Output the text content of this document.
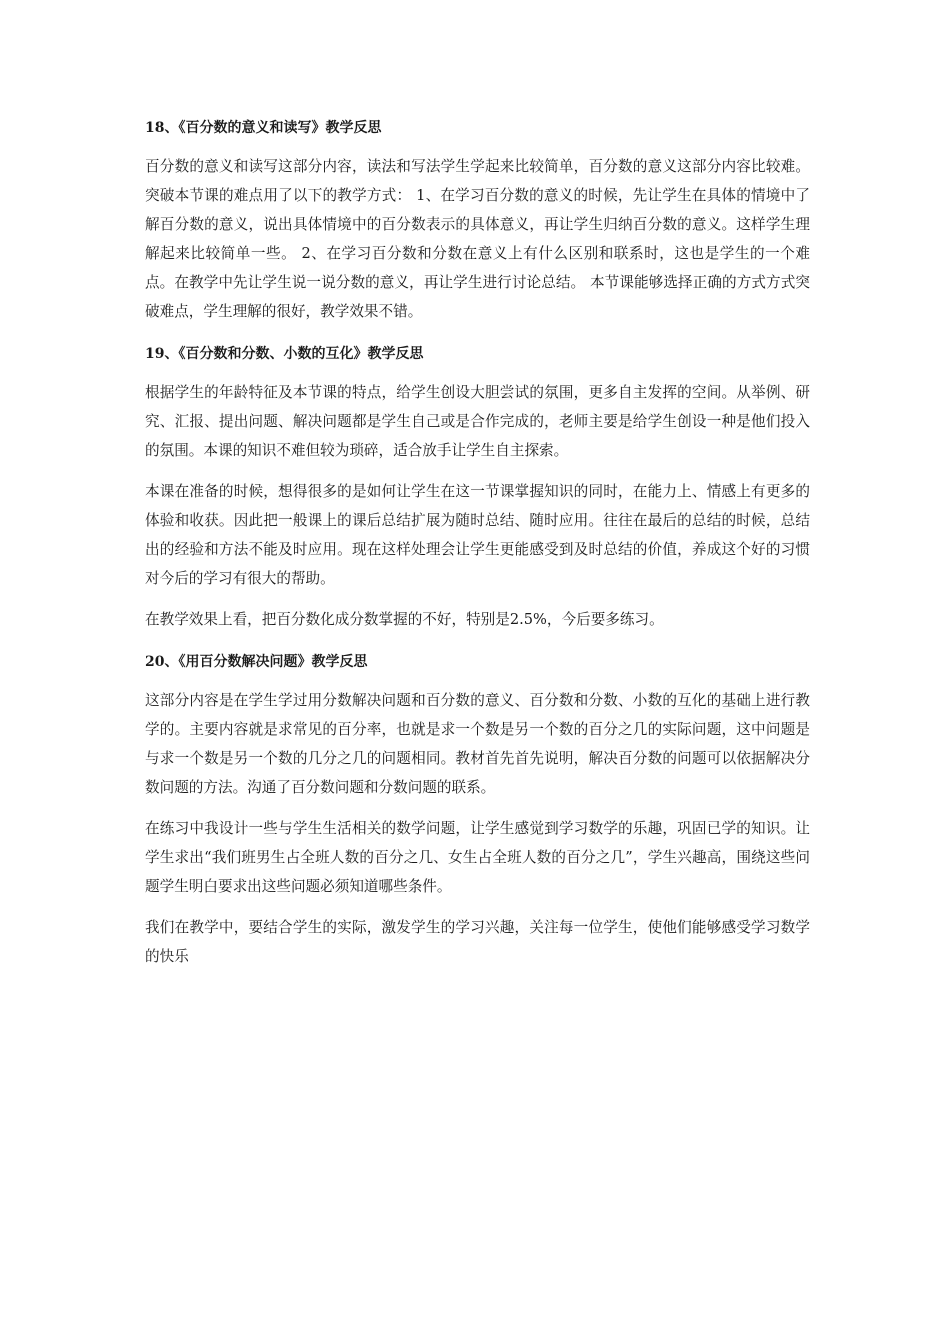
18、《百分数的意义和读写》教学反思

百分数的意义和读写这部分内容，读法和写法学生学起来比较简单，百分数的意义这部分内容比较难。 突破本节课的难点用了以下的教学方式： 1、在学习百分数的意义的时候，先让学生在具体的情境中了解百分数的意义，说出具体情境中的百分数表示的具体意义，再让学生归纳百分数的意义。这样学生理解起来比较简单一些。 2、在学习百分数和分数在意义上有什么区别和联系时，这也是学生的一个难点。在教学中先让学生说一说分数的意义，再让学生进行讨论总结。 本节课能够选择正确的方式方式突破难点，学生理解的很好，教学效果不错。

19、《百分数和分数、小数的互化》教学反思

根据学生的年龄特征及本节课的特点，给学生创设大胆尝试的氛围，更多自主发挥的空间。从举例、研究、汇报、提出问题、解决问题都是学生自己或是合作完成的，老师主要是给学生创设一种是他们投入的氛围。本课的知识不难但较为琐碎，适合放手让学生自主探索。

本课在准备的时候，想得很多的是如何让学生在这一节课掌握知识的同时，在能力上、情感上有更多的体验和收获。因此把一般课上的课后总结扩展为随时总结、随时应用。往往在最后的总结的时候，总结出的经验和方法不能及时应用。现在这样处理会让学生更能感受到及时总结的价值，养成这个好的习惯对今后的学习有很大的帮助。

在教学效果上看，把百分数化成分数掌握的不好，特别是2.5%，今后要多练习。

20、《用百分数解决问题》教学反思

这部分内容是在学生学过用分数解决问题和百分数的意义、百分数和分数、小数的互化的基础上进行教学的。主要内容就是求常见的百分率，也就是求一个数是另一个数的百分之几的实际问题，这中问题是与求一个数是另一个数的几分之几的问题相同。教材首先首先说明，解决百分数的问题可以依据解决分数问题的方法。沟通了百分数问题和分数问题的联系。

在练习中我设计一些与学生生活相关的数学问题，让学生感觉到学习数学的乐趣，巩固已学的知识。让学生求出“我们班男生占全班人数的百分之几、女生占全班人数的百分之几”，学生兴趣高，围绕这些问题学生明白要求出这些问题必须知道哪些条件。

我们在教学中，要结合学生的实际，激发学生的学习兴趣，关注每一位学生，使他们能够感受学习数学的快乐
